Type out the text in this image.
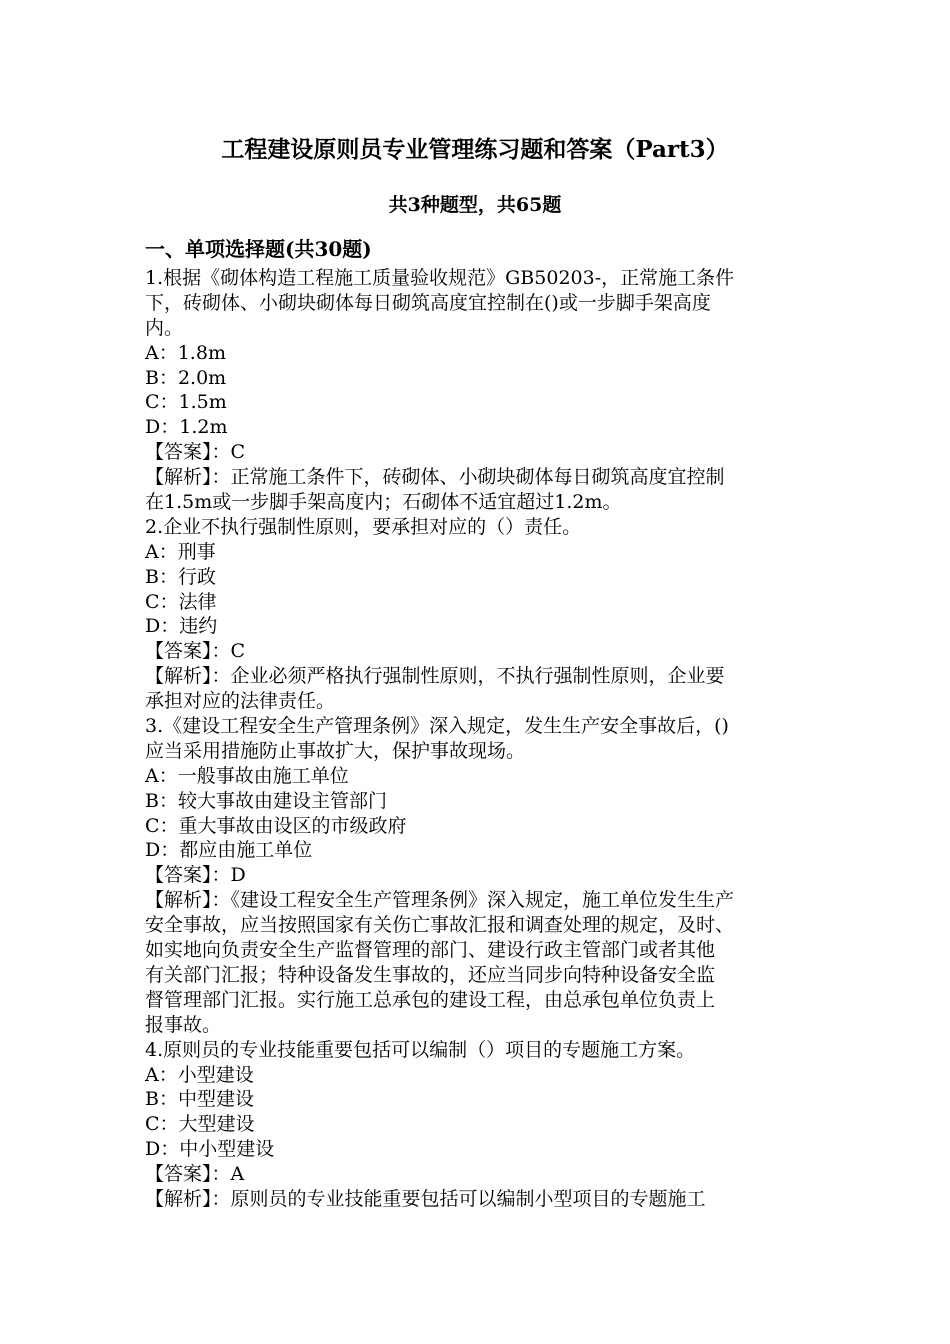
工程建设原则员专业管理练习题和答案（Part3）
共3种题型，共65题
一、单项选择题(共30题)
1.根据《砌体构造工程施工质量验收规范》GB50203-，正常施工条件
下，砖砌体、小砌块砌体每日砌筑高度宜控制在()或一步脚手架高度
内。
A：1.8m
B：2.0m
C：1.5m
D：1.2m
【答案】：C
【解析】：正常施工条件下，砖砌体、小砌块砌体每日砌筑高度宜控制
在1.5m或一步脚手架高度内；石砌体不适宜超过1.2m。
2.企业不执行强制性原则，要承担对应的（）责任。
A：刑事
B：行政
C：法律
D：违约
【答案】：C
【解析】：企业必须严格执行强制性原则，不执行强制性原则，企业要
承担对应的法律责任。
3.《建设工程安全生产管理条例》深入规定，发生生产安全事故后，()
应当采用措施防止事故扩大，保护事故现场。
A：一般事故由施工单位
B：较大事故由建设主管部门
C：重大事故由设区的市级政府
D：都应由施工单位
【答案】：D
【解析】：《建设工程安全生产管理条例》深入规定，施工单位发生生产
安全事故，应当按照国家有关伤亡事故汇报和调查处理的规定，及时、
如实地向负责安全生产监督管理的部门、建设行政主管部门或者其他
有关部门汇报；特种设备发生事故的，还应当同步向特种设备安全监
督管理部门汇报。实行施工总承包的建设工程，由总承包单位负责上
报事故。
4.原则员的专业技能重要包括可以编制（）项目的专题施工方案。
A：小型建设
B：中型建设
C：大型建设
D：中小型建设
【答案】：A
【解析】：原则员的专业技能重要包括可以编制小型项目的专题施工
